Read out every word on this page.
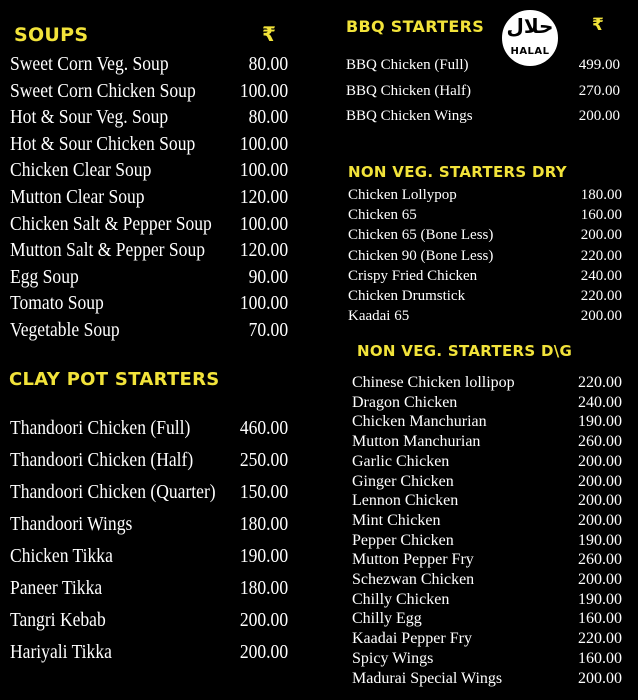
SOUPS	₹
CLAY POT STARTERS
BBQ STARTERS	₹
حلال
HALAL
NON VEG. STARTERS DRY
NON VEG. STARTERS D\G
Sweet Corn Veg. Soup	80.00
Sweet Corn Chicken Soup 100.00
Hot & Sour Veg. Soup	80.00
Hot & Sour Chicken Soup 100.00
Chicken Clear Soup	100.00
Mutton Clear Soup	120.00
Chicken Salt & Pepper Soup 100.00
Mutton Salt & Pepper Soup 120.00
Egg Soup	90.00
Tomato Soup	100.00
Vegetable Soup	70.00
Thandoori Chicken (Full)	460.00
Thandoori Chicken (Half) 250.00
Thandoori Chicken (Quarter) 150.00
Thandoori Wings	180.00
Chicken Tikka	190.00
Paneer Tikka	180.00
Tangri Kebab	200.00
Hariyali Tikka	200.00
BBQ Chicken (Full)	499.00
BBQ Chicken (Half)	270.00
BBQ Chicken Wings	200.00
Chicken Lollypop	180.00
Chicken 65	160.00
Chicken 65 (Bone Less)	200.00
Chicken 90 (Bone Less)	220.00
Crispy Fried Chicken	240.00
Chicken Drumstick	220.00
Kaadai 65	200.00
Chinese Chicken lollipop	220.00
Dragon Chicken	240.00
Chicken Manchurian	190.00
Mutton Manchurian	260.00
Garlic Chicken	200.00
Ginger Chicken	200.00
Lennon Chicken	200.00
Mint Chicken	200.00
Pepper Chicken	190.00
Mutton Pepper Fry	260.00
Schezwan Chicken	200.00
Chilly Chicken	190.00
Chilly Egg	160.00
Kaadai Pepper Fry	220.00
Spicy Wings	160.00
Madurai Special Wings	200.00
